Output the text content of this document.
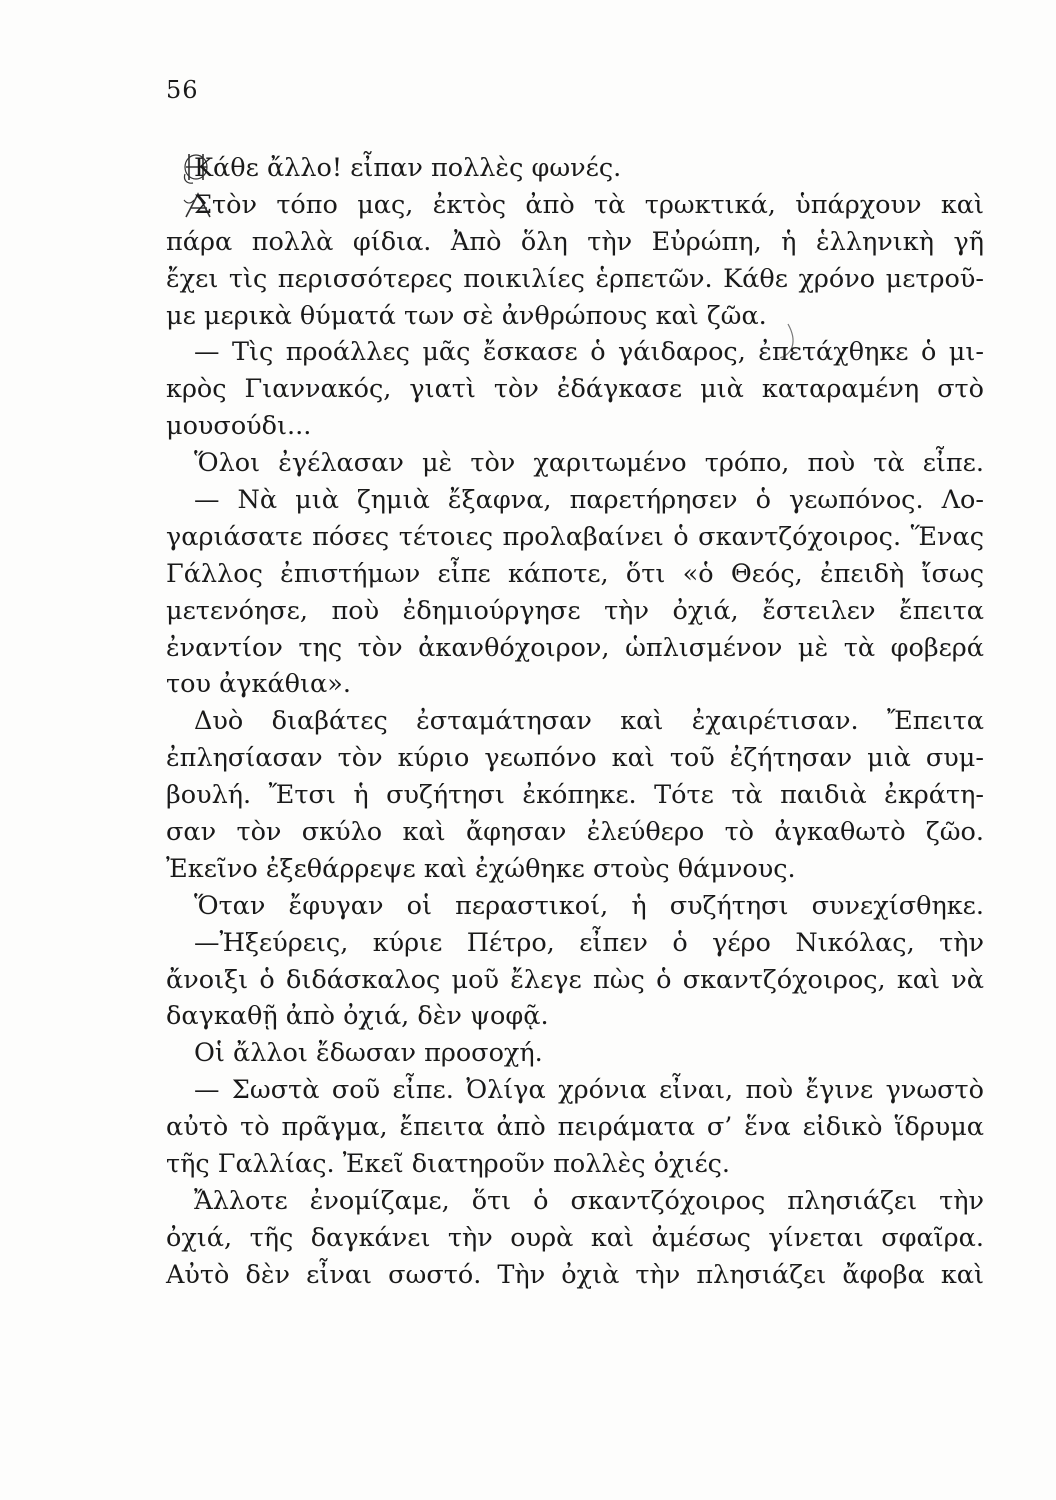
56
Κάθε ἄλλο! εἶπαν πολλὲς φωνές.
Στὸν τόπο μας, ἐκτὸς ἀπὸ τὰ τρωκτικά, ὑπάρχουν καὶ
πάρα πολλὰ φίδια. Ἀπὸ ὅλη τὴν Εὐρώπη, ἡ ἑλληνικὴ γῆ
ἔχει τὶς περισσότερες ποικιλίες ἑρπετῶν. Κάθε χρόνο μετροῦ-
με μερικὰ θύματά των σὲ ἀνθρώπους καὶ ζῶα.
— Τὶς προάλλες μᾶς ἔσκασε ὁ γάιδαρος, ἐπετάχθηκε ὁ μι-
κρὸς Γιαννακός, γιατὶ τὸν ἐδάγκασε μιὰ καταραμένη στὸ
μουσούδι...
Ὅλοι ἐγέλασαν μὲ τὸν χαριτωμένο τρόπο, ποὺ τὰ εἶπε.
— Νὰ μιὰ ζημιὰ ἔξαφνα, παρετήρησεν ὁ γεωπόνος. Λο-
γαριάσατε πόσες τέτοιες προλαβαίνει ὁ σκαντζόχοιρος. Ἕνας
Γάλλος ἐπιστήμων εἶπε κάποτε, ὅτι «ὁ Θεός, ἐπειδὴ ἴσως
μετενόησε, ποὺ ἐδημιούργησε τὴν ὀχιά, ἔστειλεν ἔπειτα
ἐναντίον της τὸν ἀκανθόχοιρον, ὡπλισμένον μὲ τὰ φοβερά
του ἀγκάθια».
Δυὸ διαβάτες ἐσταμάτησαν καὶ ἐχαιρέτισαν. Ἔπειτα
ἐπλησίασαν τὸν κύριο γεωπόνο καὶ τοῦ ἐζήτησαν μιὰ συμ-
βουλή. Ἔτσι ἡ συζήτησι ἐκόπηκε. Τότε τὰ παιδιὰ ἐκράτη-
σαν τὸν σκύλο καὶ ἄφησαν ἐλεύθερο τὸ ἀγκαθωτὸ ζῶο.
Ἐκεῖνο ἐξεθάρρεψε καὶ ἐχώθηκε στοὺς θάμνους.
Ὅταν ἔφυγαν οἱ περαστικοί, ἡ συζήτησι συνεχίσθηκε.
—Ἠξεύρεις, κύριε Πέτρο, εἶπεν ὁ γέρο Νικόλας, τὴν
ἄνοιξι ὁ διδάσκαλος μοῦ ἔλεγε πὼς ὁ σκαντζόχοιρος, καὶ νὰ
δαγκαθῇ ἀπὸ ὀχιά, δὲν ψοφᾷ.
Οἱ ἄλλοι ἔδωσαν προσοχή.
— Σωστὰ σοῦ εἶπε. Ὀλίγα χρόνια εἶναι, ποὺ ἔγινε γνωστὸ
αὐτὸ τὸ πρᾶγμα, ἔπειτα ἀπὸ πειράματα σ’ ἕνα εἰδικὸ ἵδρυμα
τῆς Γαλλίας. Ἐκεῖ διατηροῦν πολλὲς ὀχιές.
Ἄλλοτε ἐνομίζαμε, ὅτι ὁ σκαντζόχοιρος πλησιάζει τὴν
ὀχιά, τῆς δαγκάνει τὴν ουρὰ καὶ ἀμέσως γίνεται σφαῖρα.
Αὐτὸ δὲν εἶναι σωστό. Τὴν ὀχιὰ τὴν πλησιάζει ἄφοβα καὶ
